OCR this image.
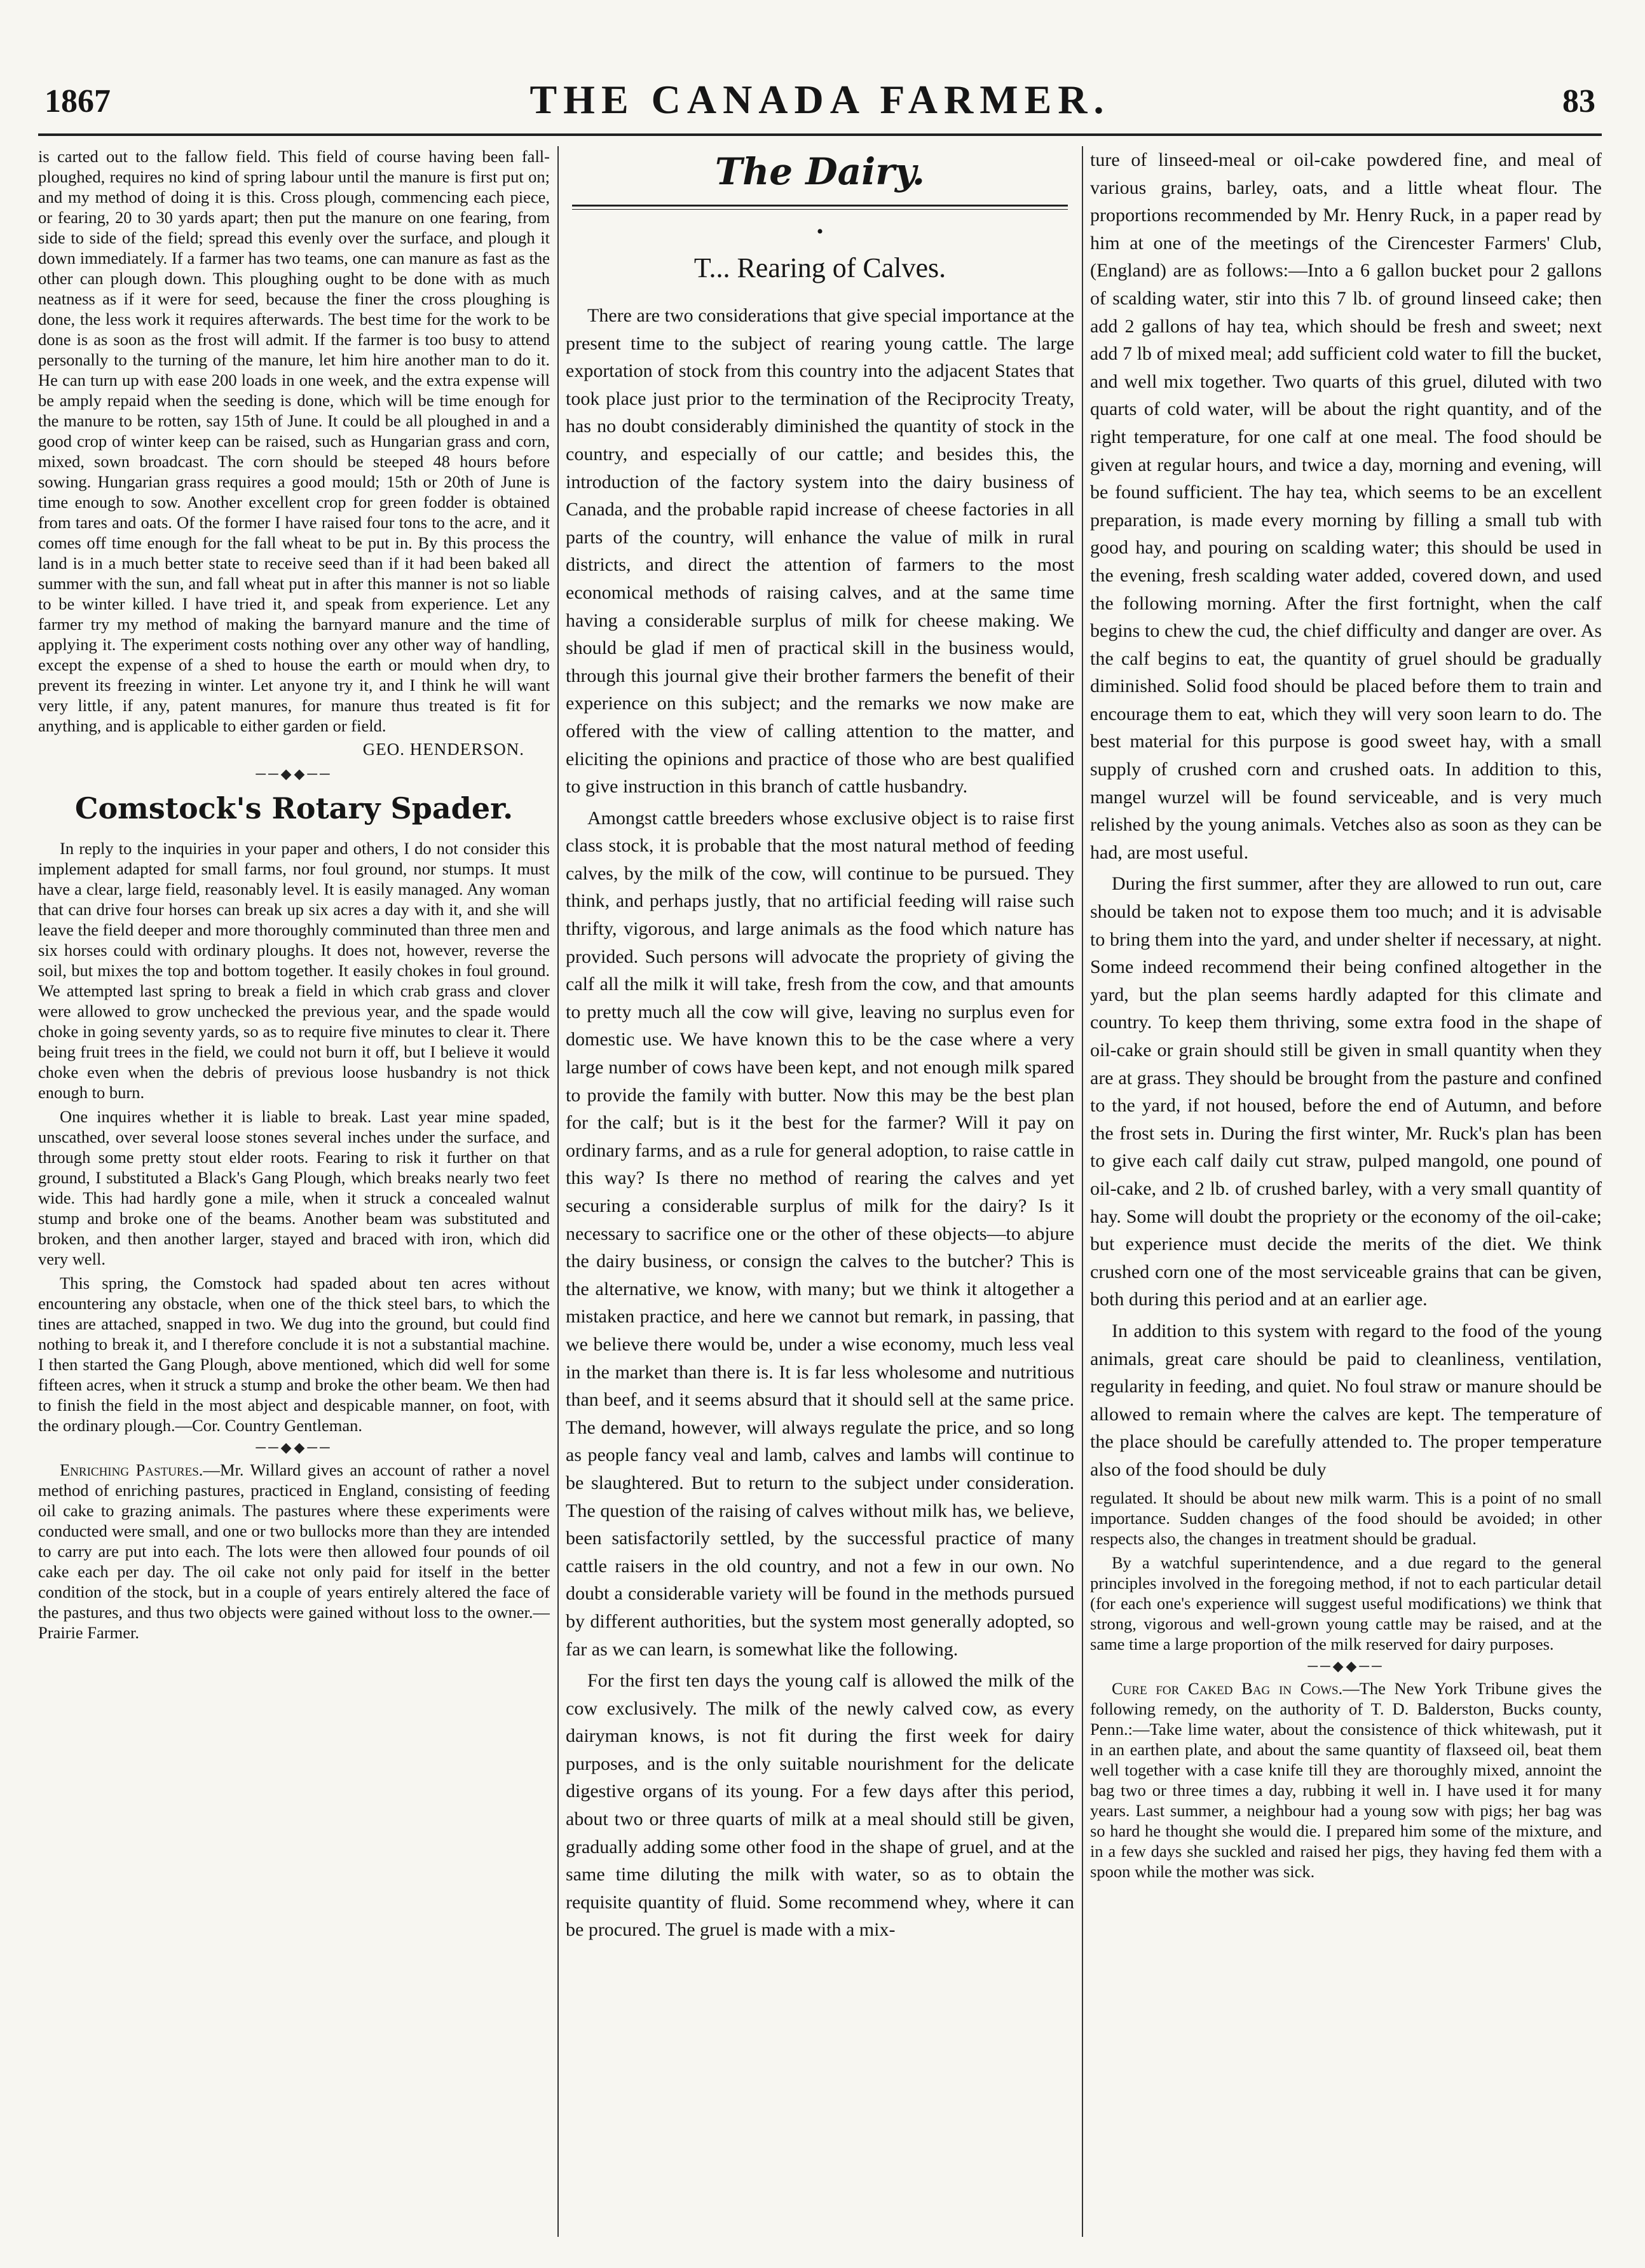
1867	THE CANADA FARMER.	83

is carted out to the fallow field. This field of course having been fall-ploughed, requires no kind of spring labour until the manure is first put on; and my method of doing it is this. Cross plough, commencing each piece, or fearing, 20 to 30 yards apart; then put the manure on one fearing, from side to side of the field; spread this evenly over the surface, and plough it down immediately. If a farmer has two teams, one can manure as fast as the other can plough down. This ploughing ought to be done with as much neatness as if it were for seed, because the finer the cross ploughing is done, the less work it requires afterwards. The best time for the work to be done is as soon as the frost will admit. If the farmer is too busy to attend personally to the turning of the manure, let him hire another man to do it. He can turn up with ease 200 loads in one week, and the extra expense will be amply repaid when the seeding is done, which will be time enough for the manure to be rotten, say 15th of June. It could be all ploughed in and a good crop of winter keep can be raised, such as Hungarian grass and corn, mixed, sown broadcast. The corn should be steeped 48 hours before sowing. Hungarian grass requires a good mould; 15th or 20th of June is time enough to sow. Another excellent crop for green fodder is obtained from tares and oats. Of the former I have raised four tons to the acre, and it comes off time enough for the fall wheat to be put in. By this process the land is in a much better state to receive seed than if it had been baked all summer with the sun, and fall wheat put in after this manner is not so liable to be winter killed. I have tried it, and speak from experience. Let any farmer try my method of making the barnyard manure and the time of applying it. The experiment costs nothing over any other way of handling, except the expense of a shed to house the earth or mould when dry, to prevent its freezing in winter. Let anyone try it, and I think he will want very little, if any, patent manures, for manure thus treated is fit for anything, and is applicable to either garden or field.

GEO. HENDERSON.
──◆◆──
Comstock's Rotary Spader.

In reply to the inquiries in your paper and others, I do not consider this implement adapted for small farms, nor foul ground, nor stumps. It must have a clear, large field, reasonably level. It is easily managed. Any woman that can drive four horses can break up six acres a day with it, and she will leave the field deeper and more thoroughly comminuted than three men and six horses could with ordinary ploughs. It does not, however, reverse the soil, but mixes the top and bottom together. It easily chokes in foul ground. We attempted last spring to break a field in which crab grass and clover were allowed to grow unchecked the previous year, and the spade would choke in going seventy yards, so as to require five minutes to clear it. There being fruit trees in the field, we could not burn it off, but I believe it would choke even when the debris of previous loose husbandry is not thick enough to burn.

One inquires whether it is liable to break. Last year mine spaded, unscathed, over several loose stones several inches under the surface, and through some pretty stout elder roots. Fearing to risk it further on that ground, I substituted a Black's Gang Plough, which breaks nearly two feet wide. This had hardly gone a mile, when it struck a concealed walnut stump and broke one of the beams. Another beam was substituted and broken, and then another larger, stayed and braced with iron, which did very well.

This spring, the Comstock had spaded about ten acres without encountering any obstacle, when one of the thick steel bars, to which the tines are attached, snapped in two. We dug into the ground, but could find nothing to break it, and I therefore conclude it is not a substantial machine. I then started the Gang Plough, above mentioned, which did well for some fifteen acres, when it struck a stump and broke the other beam. We then had to finish the field in the most abject and despicable manner, on foot, with the ordinary plough.—Cor. Country Gentleman.

──◆◆──

Enriching Pastures.—Mr. Willard gives an account of rather a novel method of enriching pastures, practiced in England, consisting of feeding oil cake to grazing animals. The pastures where these experiments were conducted were small, and one or two bullocks more than they are intended to carry are put into each. The lots were then allowed four pounds of oil cake each per day. The oil cake not only paid for itself in the better condition of the stock, but in a couple of years entirely altered the face of the pastures, and thus two objects were gained without loss to the owner.—Prairie Farmer.

The Dairy.
•
T... Rearing of Calves.

There are two considerations that give special importance at the present time to the subject of rearing young cattle. The large exportation of stock from this country into the adjacent States that took place just prior to the termination of the Reciprocity Treaty, has no doubt considerably diminished the quantity of stock in the country, and especially of our cattle; and besides this, the introduction of the factory system into the dairy business of Canada, and the probable rapid increase of cheese factories in all parts of the country, will enhance the value of milk in rural districts, and direct the attention of farmers to the most economical methods of raising calves, and at the same time having a considerable surplus of milk for cheese making. We should be glad if men of practical skill in the business would, through this journal give their brother farmers the benefit of their experience on this subject; and the remarks we now make are offered with the view of calling attention to the matter, and eliciting the opinions and practice of those who are best qualified to give instruction in this branch of cattle husbandry.

Amongst cattle breeders whose exclusive object is to raise first class stock, it is probable that the most natural method of feeding calves, by the milk of the cow, will continue to be pursued. They think, and perhaps justly, that no artificial feeding will raise such thrifty, vigorous, and large animals as the food which nature has provided. Such persons will advocate the propriety of giving the calf all the milk it will take, fresh from the cow, and that amounts to pretty much all the cow will give, leaving no surplus even for domestic use. We have known this to be the case where a very large number of cows have been kept, and not enough milk spared to provide the family with butter. Now this may be the best plan for the calf; but is it the best for the farmer? Will it pay on ordinary farms, and as a rule for general adoption, to raise cattle in this way? Is there no method of rearing the calves and yet securing a considerable surplus of milk for the dairy? Is it necessary to sacrifice one or the other of these objects—to abjure the dairy business, or consign the calves to the butcher? This is the alternative, we know, with many; but we think it altogether a mistaken practice, and here we cannot but remark, in passing, that we believe there would be, under a wise economy, much less veal in the market than there is. It is far less wholesome and nutritious than beef, and it seems absurd that it should sell at the same price. The demand, however, will always regulate the price, and so long as people fancy veal and lamb, calves and lambs will continue to be slaughtered. But to return to the subject under consideration. The question of the raising of calves without milk has, we believe, been satisfactorily settled, by the successful practice of many cattle raisers in the old country, and not a few in our own. No doubt a considerable variety will be found in the methods pursued by different authorities, but the system most generally adopted, so far as we can learn, is somewhat like the following.

For the first ten days the young calf is allowed the milk of the cow exclusively. The milk of the newly calved cow, as every dairyman knows, is not fit during the first week for dairy purposes, and is the only suitable nourishment for the delicate digestive organs of its young. For a few days after this period, about two or three quarts of milk at a meal should still be given, gradually adding some other food in the shape of gruel, and at the same time diluting the milk with water, so as to obtain the requisite quantity of fluid. Some recommend whey, where it can be procured. The gruel is made with a mix-

ture of linseed-meal or oil-cake powdered fine, and meal of various grains, barley, oats, and a little wheat flour. The proportions recommended by Mr. Henry Ruck, in a paper read by him at one of the meetings of the Cirencester Farmers' Club, (England) are as follows:—Into a 6 gallon bucket pour 2 gallons of scalding water, stir into this 7 lb. of ground linseed cake; then add 2 gallons of hay tea, which should be fresh and sweet; next add 7 lb of mixed meal; add sufficient cold water to fill the bucket, and well mix together. Two quarts of this gruel, diluted with two quarts of cold water, will be about the right quantity, and of the right temperature, for one calf at one meal. The food should be given at regular hours, and twice a day, morning and evening, will be found sufficient. The hay tea, which seems to be an excellent preparation, is made every morning by filling a small tub with good hay, and pouring on scalding water; this should be used in the evening, fresh scalding water added, covered down, and used the following morning. After the first fortnight, when the calf begins to chew the cud, the chief difficulty and danger are over. As the calf begins to eat, the quantity of gruel should be gradually diminished. Solid food should be placed before them to train and encourage them to eat, which they will very soon learn to do. The best material for this purpose is good sweet hay, with a small supply of crushed corn and crushed oats. In addition to this, mangel wurzel will be found serviceable, and is very much relished by the young animals. Vetches also as soon as they can be had, are most useful.

During the first summer, after they are allowed to run out, care should be taken not to expose them too much; and it is advisable to bring them into the yard, and under shelter if necessary, at night. Some indeed recommend their being confined altogether in the yard, but the plan seems hardly adapted for this climate and country. To keep them thriving, some extra food in the shape of oil-cake or grain should still be given in small quantity when they are at grass. They should be brought from the pasture and confined to the yard, if not housed, before the end of Autumn, and before the frost sets in. During the first winter, Mr. Ruck's plan has been to give each calf daily cut straw, pulped mangold, one pound of oil-cake, and 2 lb. of crushed barley, with a very small quantity of hay. Some will doubt the propriety or the economy of the oil-cake; but experience must decide the merits of the diet. We think crushed corn one of the most serviceable grains that can be given, both during this period and at an earlier age.

In addition to this system with regard to the food of the young animals, great care should be paid to cleanliness, ventilation, regularity in feeding, and quiet. No foul straw or manure should be allowed to remain where the calves are kept. The temperature of the place should be carefully attended to. The proper temperature also of the food should be duly

regulated. It should be about new milk warm. This is a point of no small importance. Sudden changes of the food should be avoided; in other respects also, the changes in treatment should be gradual.

By a watchful superintendence, and a due regard to the general principles involved in the foregoing method, if not to each particular detail (for each one's experience will suggest useful modifications) we think that strong, vigorous and well-grown young cattle may be raised, and at the same time a large proportion of the milk reserved for dairy purposes.

──◆◆──

Cure for Caked Bag in Cows.—The New York Tribune gives the following remedy, on the authority of T. D. Balderston, Bucks county, Penn.:—Take lime water, about the consistence of thick whitewash, put it in an earthen plate, and about the same quantity of flaxseed oil, beat them well together with a case knife till they are thoroughly mixed, annoint the bag two or three times a day, rubbing it well in. I have used it for many years. Last summer, a neighbour had a young sow with pigs; her bag was so hard he thought she would die. I prepared him some of the mixture, and in a few days she suckled and raised her pigs, they having fed them with a spoon while the mother was sick.
